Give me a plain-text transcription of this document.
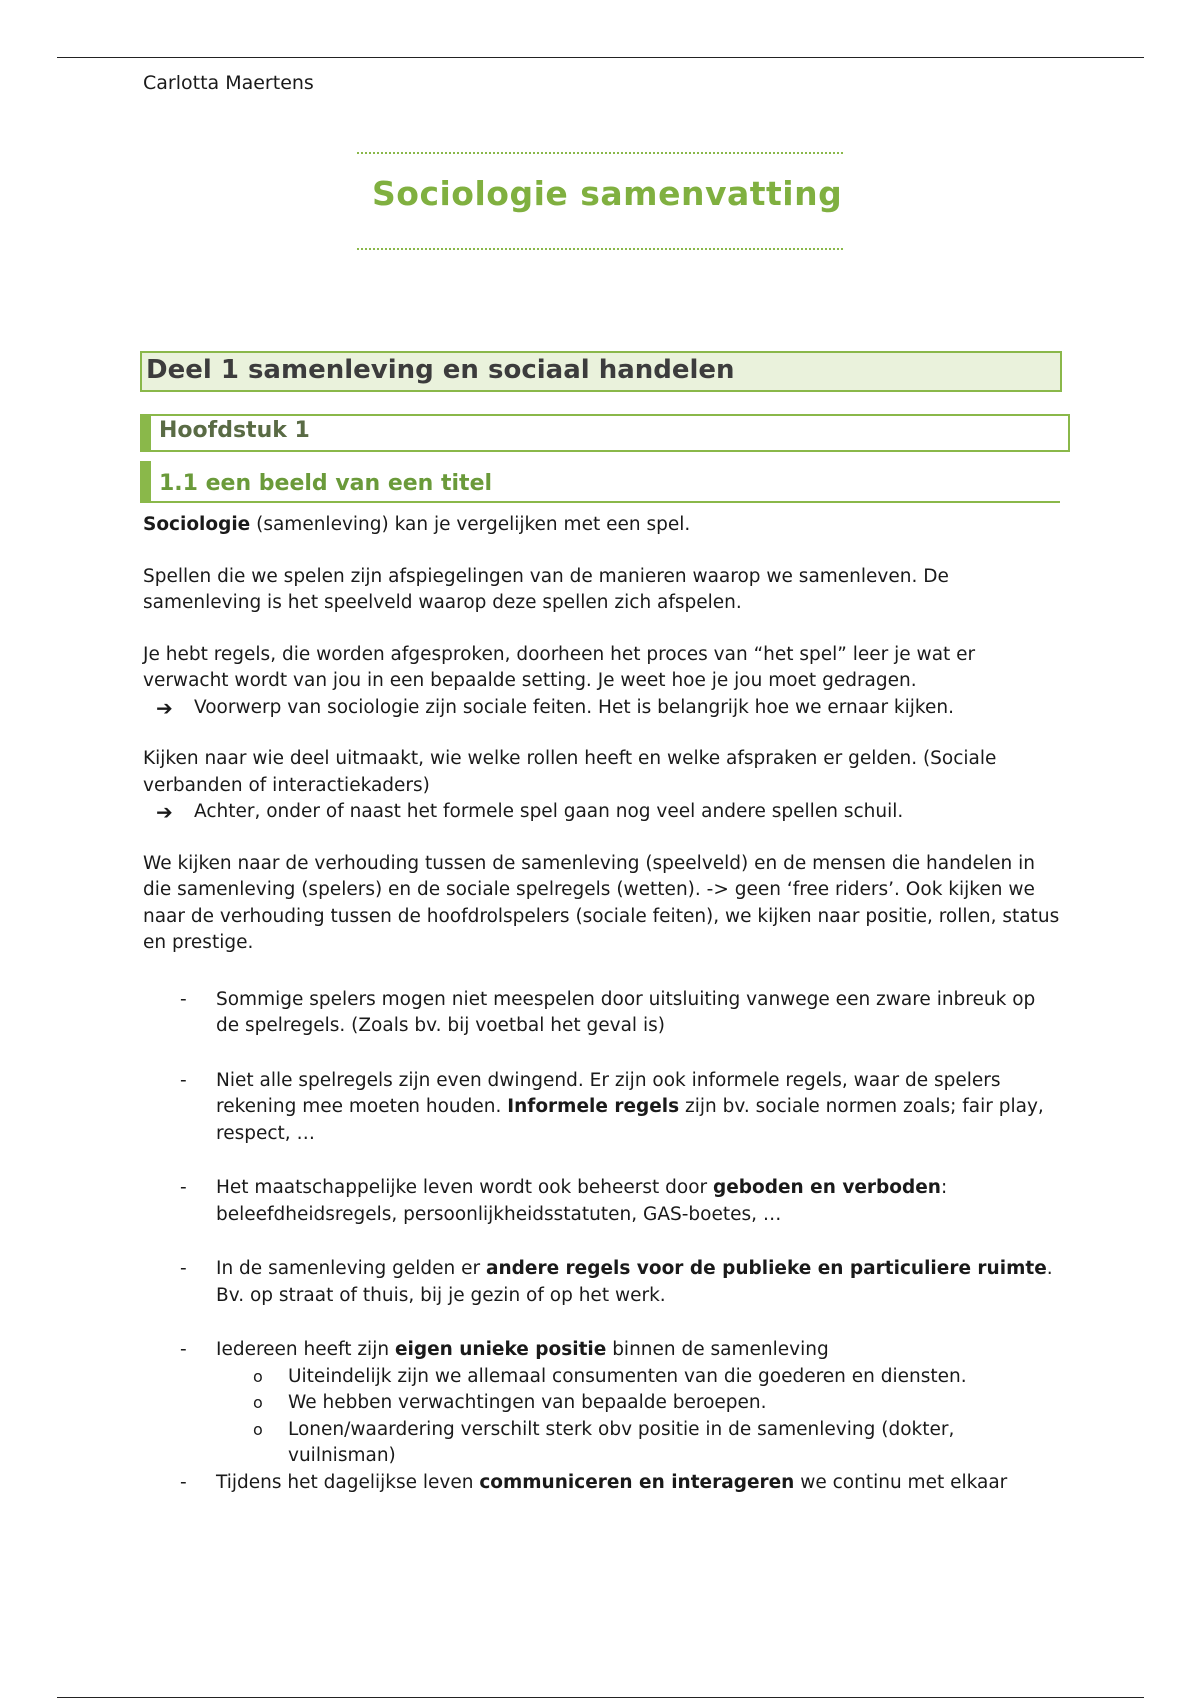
Carlotta Maertens
Sociologie samenvatting
Deel 1 samenleving en sociaal handelen
Hoofdstuk 1
1.1 een beeld van een titel

Sociologie (samenleving) kan je vergelijken met een spel.

Spellen die we spelen zijn afspiegelingen van de manieren waarop we samenleven. De samenleving is het speelveld waarop deze spellen zich afspelen.

Je hebt regels, die worden afgesproken, doorheen het proces van “het spel” leer je wat er verwacht wordt van jou in een bepaalde setting. Je weet hoe je jou moet gedragen.

➔ Voorwerp van sociologie zijn sociale feiten. Het is belangrijk hoe we ernaar kijken.

Kijken naar wie deel uitmaakt, wie welke rollen heeft en welke afspraken er gelden. (Sociale verbanden of interactiekaders)

➔ Achter, onder of naast het formele spel gaan nog veel andere spellen schuil.

We kijken naar de verhouding tussen de samenleving (speelveld) en de mensen die handelen in die samenleving (spelers) en de sociale spelregels (wetten). -> geen ‘free riders’. Ook kijken we naar de verhouding tussen de hoofdrolspelers (sociale feiten), we kijken naar positie, rollen, status en prestige.

- Sommige spelers mogen niet meespelen door uitsluiting vanwege een zware inbreuk op de spelregels. (Zoals bv. bij voetbal het geval is)
- Niet alle spelregels zijn even dwingend. Er zijn ook informele regels, waar de spelers rekening mee moeten houden. Informele regels zijn bv. sociale normen zoals; fair play, respect, …
- Het maatschappelijke leven wordt ook beheerst door geboden en verboden: beleefdheidsregels, persoonlijkheidsstatuten, GAS-boetes, …
- In de samenleving gelden er andere regels voor de publieke en particuliere ruimte. Bv. op straat of thuis, bij je gezin of op het werk.
- Iedereen heeft zijn eigen unieke positie binnen de samenleving
o Uiteindelijk zijn we allemaal consumenten van die goederen en diensten.
o We hebben verwachtingen van bepaalde beroepen.
o Lonen/waardering verschilt sterk obv positie in de samenleving (dokter, vuilnisman)
- Tijdens het dagelijkse leven communiceren en interageren we continu met elkaar
